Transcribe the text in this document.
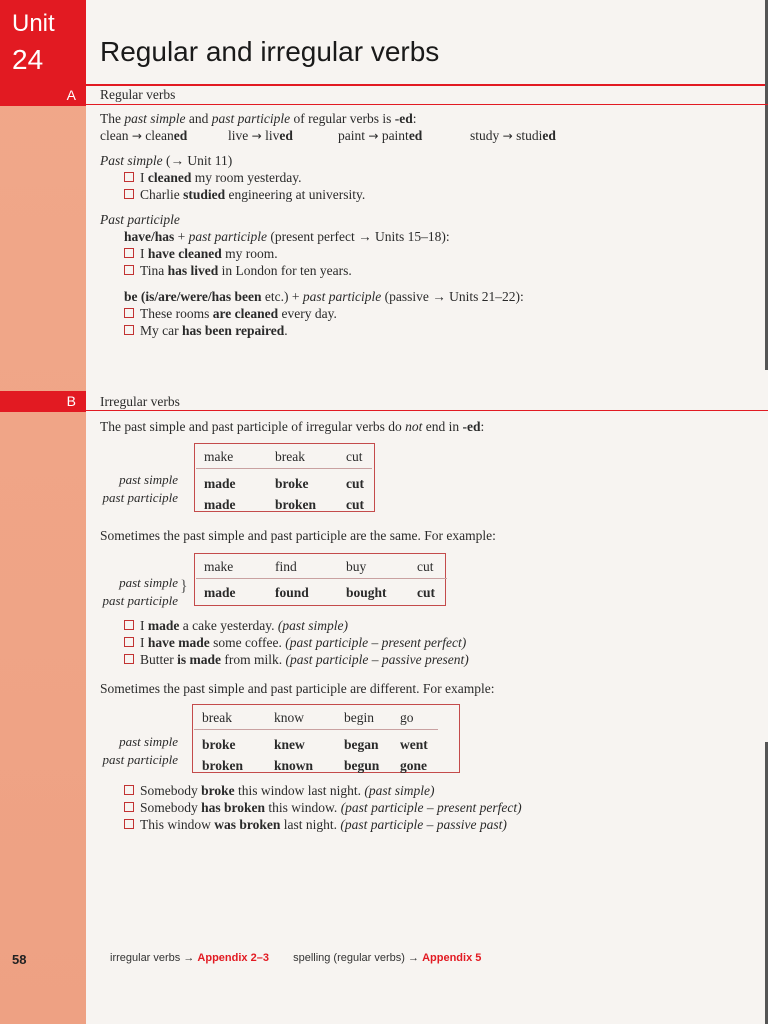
Unit
24 Regular and irregular verbs
A Regular verbs
The past simple and past participle of regular verbs is -ed:
clean → cleaned	live → lived	paint → painted	study → studied
Past simple (→ Unit 11)
I cleaned my room yesterday.
Charlie studied engineering at university.
Past participle
have/has + past participle (present perfect → Units 15–18):
I have cleaned my room.
Tina has lived in London for ten years.
be (is/are/were/has been etc.) + past participle (passive → Units 21–22):
These rooms are cleaned every day.
My car has been repaired.
B Irregular verbs
The past simple and past participle of irregular verbs do not end in -ed:
past simple
past participle
make	break	cut
made	broke	cut
made	broken	cut
Sometimes the past simple and past participle are the same. For example:
past simple
past participle
}
make	find	buy	cut
made	found	bought	cut
I made a cake yesterday. (past simple)
I have made some coffee. (past participle – present perfect)
Butter is made from milk. (past participle – passive present)
Sometimes the past simple and past participle are different. For example:
past simple
past participle
break	know	begin	go
broke	knew	began	went
broken	known	begun	gone
Somebody broke this window last night. (past simple)
Somebody has broken this window. (past participle – present perfect)
This window was broken last night. (past participle – passive past)
58	irregular verbs → Appendix 2–3 spelling (regular verbs) → Appendix 5
